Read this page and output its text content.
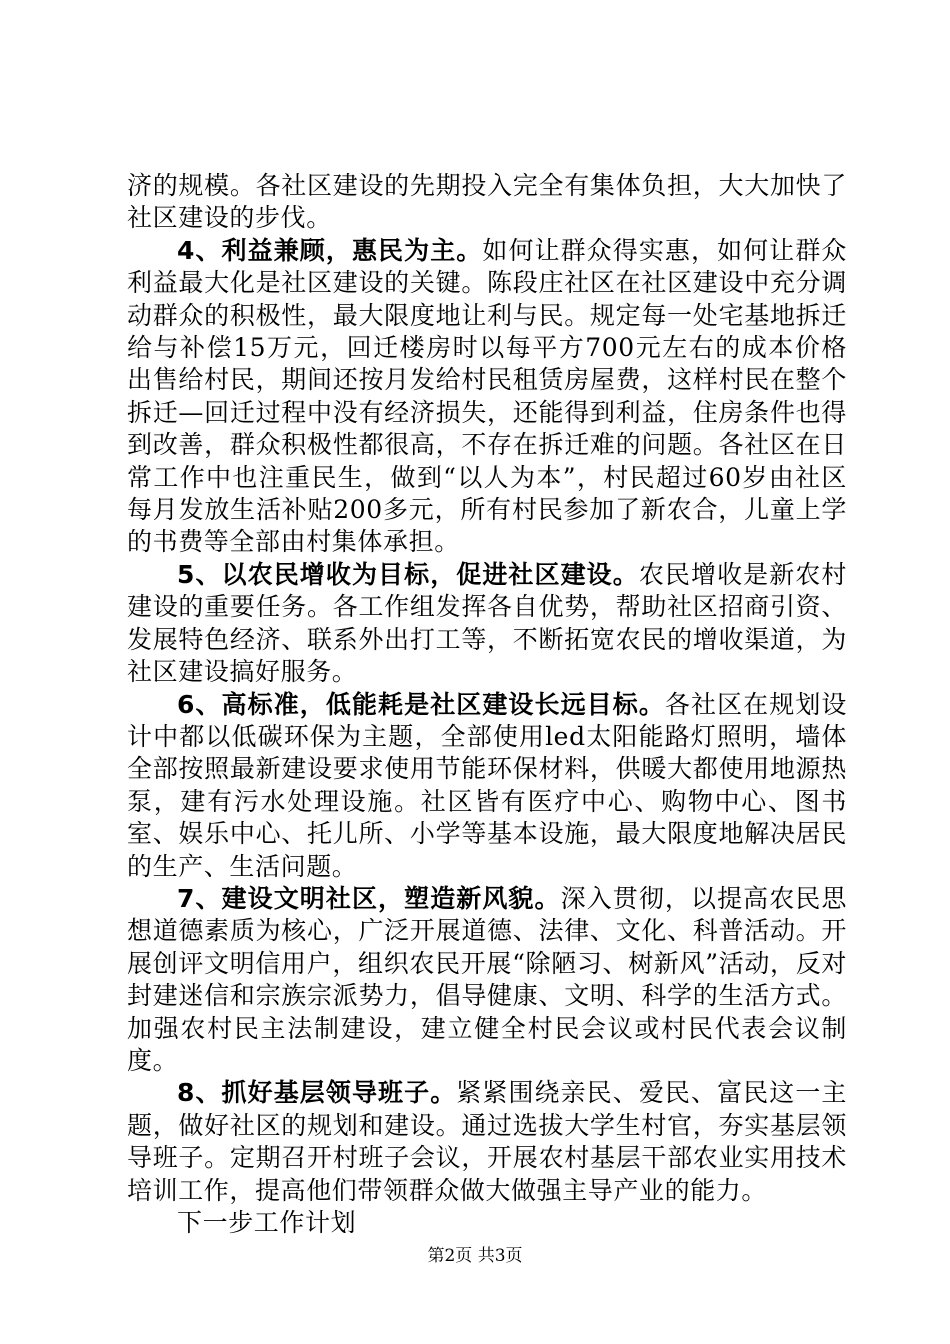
济的规模。各社区建设的先期投入完全有集体负担，大大加快了社区建设的步伐。

4、利益兼顾，惠民为主。如何让群众得实惠，如何让群众利益最大化是社区建设的关键。陈段庄社区在社区建设中充分调动群众的积极性，最大限度地让利与民。规定每一处宅基地拆迁给与补偿15万元，回迁楼房时以每平方700元左右的成本价格出售给村民，期间还按月发给村民租赁房屋费，这样村民在整个拆迁—回迁过程中没有经济损失，还能得到利益，住房条件也得到改善，群众积极性都很高，不存在拆迁难的问题。各社区在日常工作中也注重民生，做到“以人为本”，村民超过60岁由社区每月发放生活补贴200多元，所有村民参加了新农合，儿童上学的书费等全部由村集体承担。

5、以农民增收为目标，促进社区建设。农民增收是新农村建设的重要任务。各工作组发挥各自优势，帮助社区招商引资、发展特色经济、联系外出打工等，不断拓宽农民的增收渠道，为社区建设搞好服务。

6、高标准，低能耗是社区建设长远目标。各社区在规划设计中都以低碳环保为主题，全部使用led太阳能路灯照明，墙体全部按照最新建设要求使用节能环保材料，供暖大都使用地源热泵，建有污水处理设施。社区皆有医疗中心、购物中心、图书室、娱乐中心、托儿所、小学等基本设施，最大限度地解决居民的生产、生活问题。

7、建设文明社区，塑造新风貌。深入贯彻，以提高农民思想道德素质为核心，广泛开展道德、法律、文化、科普活动。开展创评文明信用户，组织农民开展“除陋习、树新风”活动，反对封建迷信和宗族宗派势力，倡导健康、文明、科学的生活方式。加强农村民主法制建设，建立健全村民会议或村民代表会议制度。

8、抓好基层领导班子。紧紧围绕亲民、爱民、富民这一主题，做好社区的规划和建设。通过选拔大学生村官，夯实基层领导班子。定期召开村班子会议，开展农村基层干部农业实用技术培训工作，提高他们带领群众做大做强主导产业的能力。

下一步工作计划

第2页 共3页
